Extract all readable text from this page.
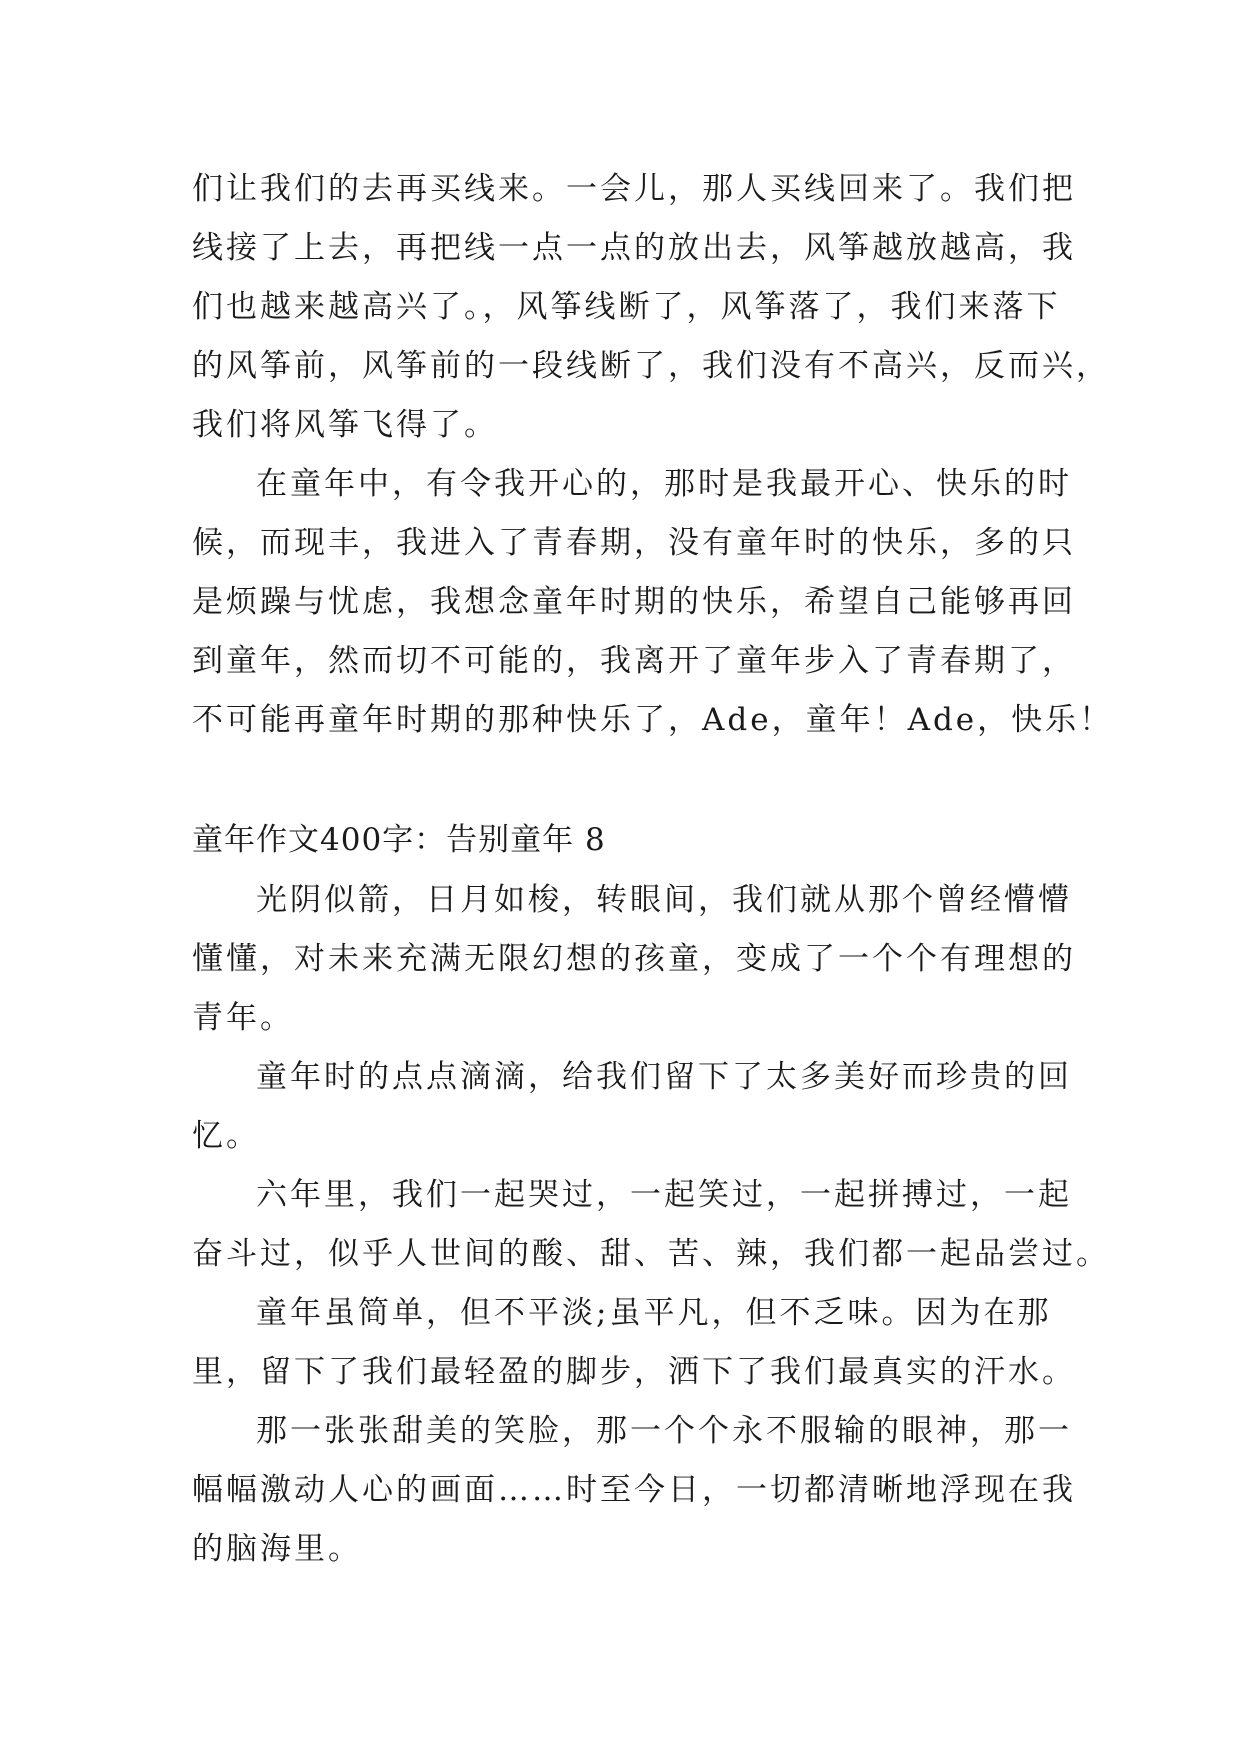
们让我们的去再买线来。一会儿，那人买线回来了。我们把
线接了上去，再把线一点一点的放出去，风筝越放越高，我
们也越来越高兴了。，风筝线断了，风筝落了，我们来落下
的风筝前，风筝前的一段线断了，我们没有不高兴，反而兴，
我们将风筝飞得了。
在童年中，有令我开心的，那时是我最开心、快乐的时
候，而现丰，我进入了青春期，没有童年时的快乐，多的只
是烦躁与忧虑，我想念童年时期的快乐，希望自己能够再回
到童年，然而切不可能的，我离开了童年步入了青春期了，
不可能再童年时期的那种快乐了，Ade，童年！Ade，快乐！
童年作文400字：告别童年 8
光阴似箭，日月如梭，转眼间，我们就从那个曾经懵懵
懂懂，对未来充满无限幻想的孩童，变成了一个个有理想的
青年。
童年时的点点滴滴，给我们留下了太多美好而珍贵的回
忆。
六年里，我们一起哭过，一起笑过，一起拼搏过，一起
奋斗过，似乎人世间的酸、甜、苦、辣，我们都一起品尝过。
童年虽简单，但不平淡;虽平凡，但不乏味。因为在那
里，留下了我们最轻盈的脚步，洒下了我们最真实的汗水。
那一张张甜美的笑脸，那一个个永不服输的眼神，那一
幅幅激动人心的画面……时至今日，一切都清晰地浮现在我
的脑海里。
